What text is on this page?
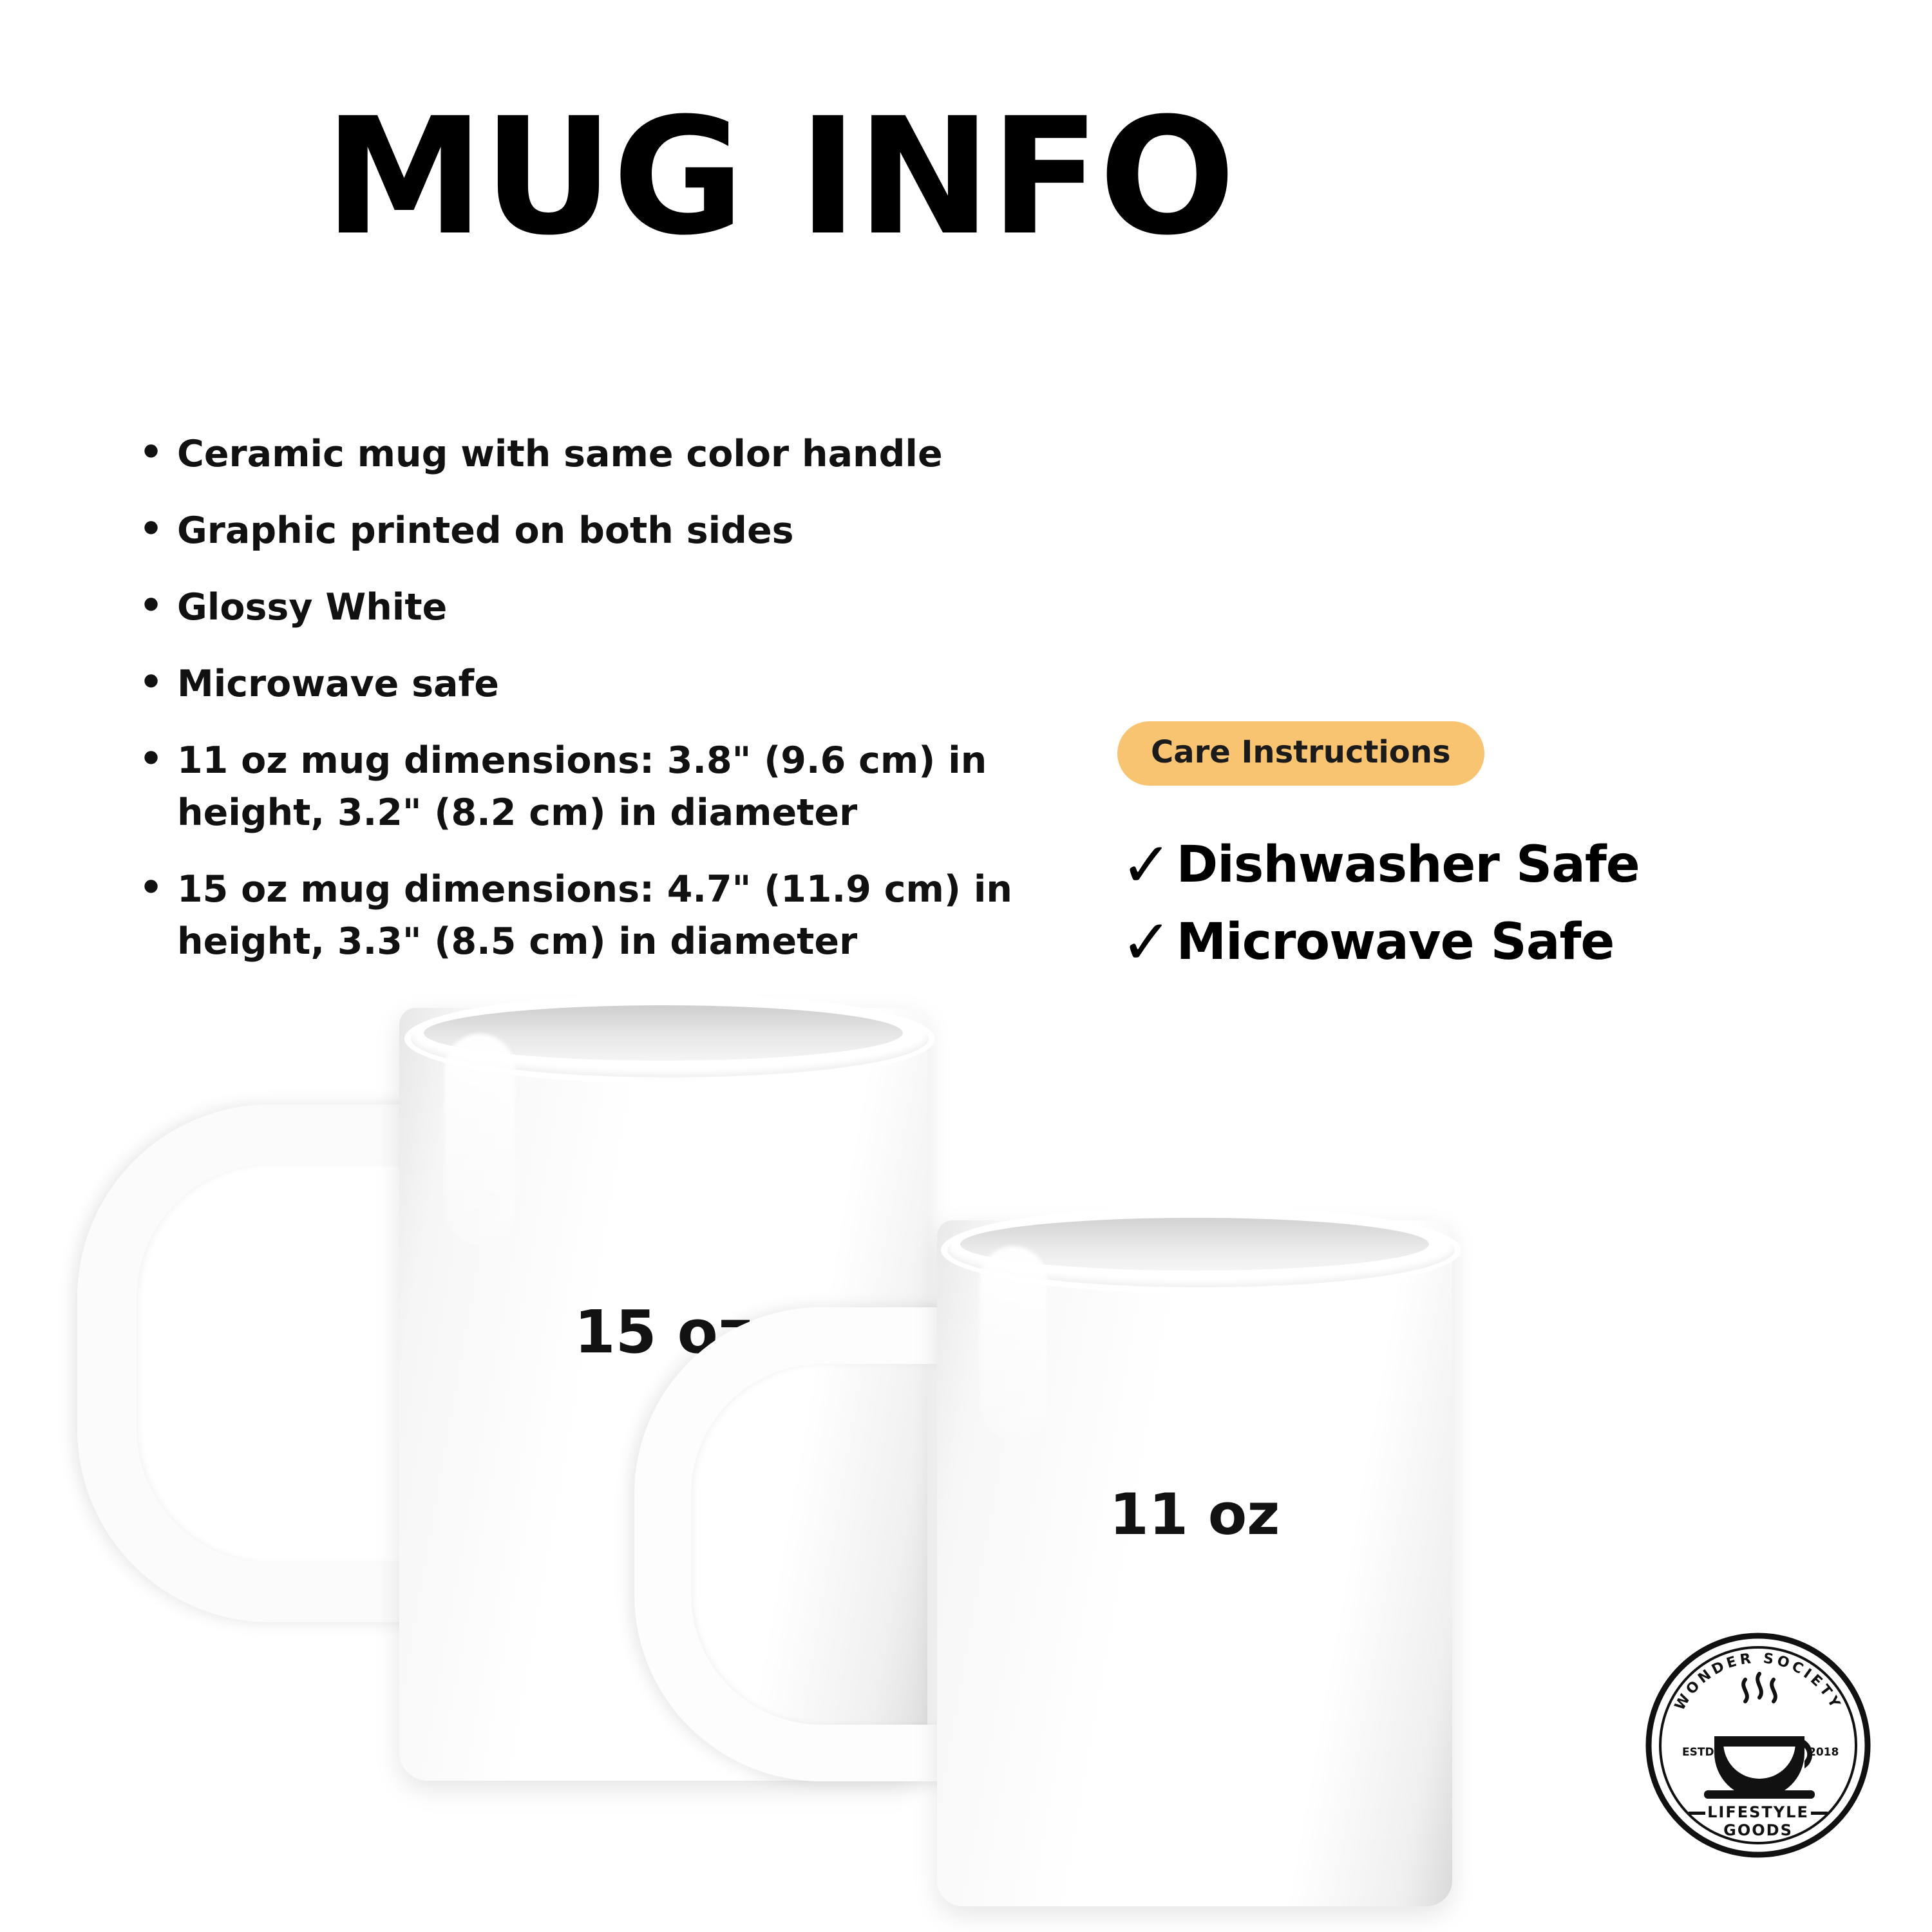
MUG INFO
• Ceramic mug with same color handle
• Graphic printed on both sides
• Glossy White
• Microwave safe
• 11 oz mug dimensions: 3.8" (9.6 cm) in height, 3.2" (8.2 cm) in diameter
• 15 oz mug dimensions: 4.7" (11.9 cm) in height, 3.3" (8.5 cm) in diameter
Care Instructions
✓ Dishwasher Safe
✓ Microwave Safe
15 oz
11 oz
WONDER SOCIETY
ESTD	2018
LIFESTYLE
GOODS
